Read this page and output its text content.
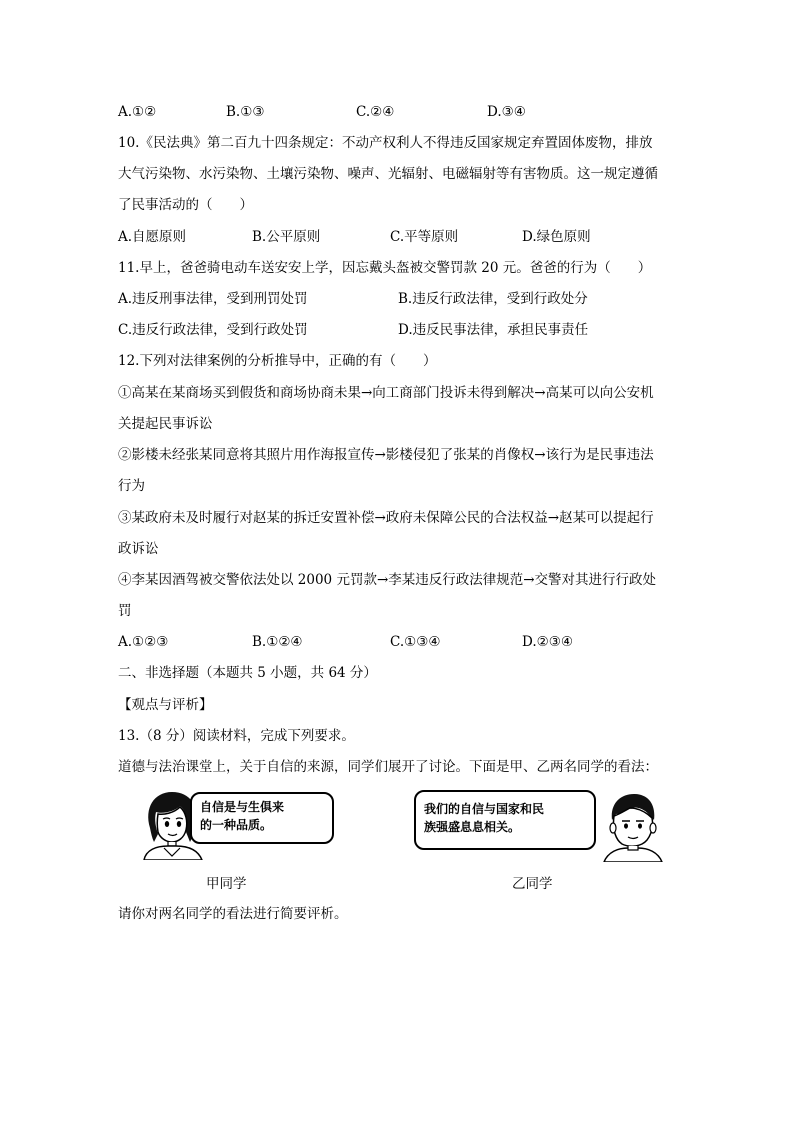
A.①②	B.①③	C.②④	D.③④
10.《民法典》第二百九十四条规定：不动产权利人不得违反国家规定弃置固体废物，排放
大气污染物、水污染物、土壤污染物、噪声、光辐射、电磁辐射等有害物质。这一规定遵循
了民事活动的（　　）
A.自愿原则	B.公平原则	C.平等原则	D.绿色原则
11.早上，爸爸骑电动车送安安上学，因忘戴头盔被交警罚款 20 元。爸爸的行为（　　）
A.违反刑事法律，受到刑罚处罚	B.违反行政法律，受到行政处分
C.违反行政法律，受到行政处罚	D.违反民事法律，承担民事责任
12.下列对法律案例的分析推导中，正确的有（　　）
①高某在某商场买到假货和商场协商未果→向工商部门投诉未得到解决→高某可以向公安机
关提起民事诉讼
②影楼未经张某同意将其照片用作海报宣传→影楼侵犯了张某的肖像权→该行为是民事违法
行为
③某政府未及时履行对赵某的拆迁安置补偿→政府未保障公民的合法权益→赵某可以提起行
政诉讼
④李某因酒驾被交警依法处以 2000 元罚款→李某违反行政法律规范→交警对其进行行政处
罚
A.①②③	B.①②④	C.①③④	D.②③④
二、非选择题（本题共 5 小题，共 64 分）
【观点与评析】
13.（8 分）阅读材料，完成下列要求。
道德与法治课堂上，关于自信的来源，同学们展开了讨论。下面是甲、乙两名同学的看法：
自信是与生俱来
的一种品质。
甲同学
我们的自信与国家和民
族强盛息息相关。
乙同学
请你对两名同学的看法进行简要评析。
